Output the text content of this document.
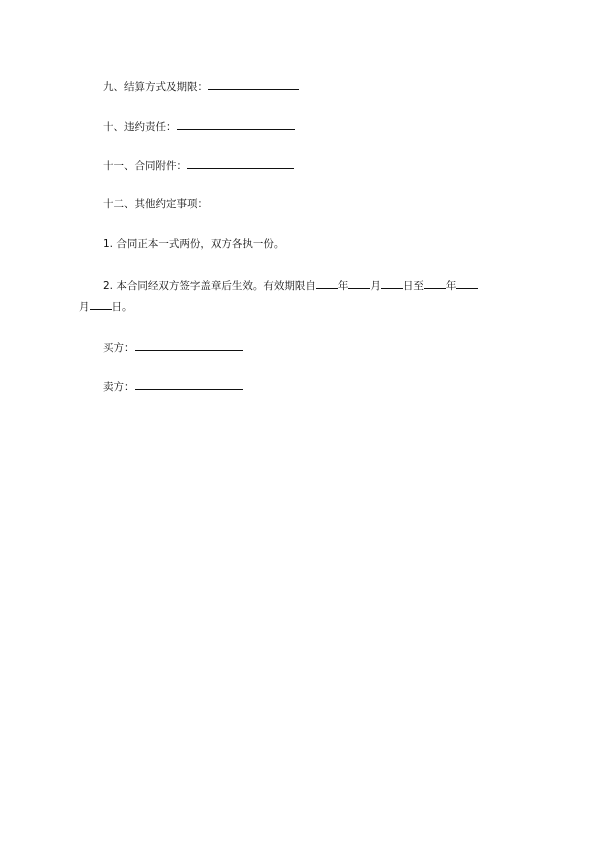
九、结算方式及期限：
十、违约责任：
十一、合同附件：
十二、其他约定事项：
1. 合同正本一式两份，双方各执一份。
2. 本合同经双方签字盖章后生效。有效期限自 年 月 日至 年
月 日。
买方：
卖方：
